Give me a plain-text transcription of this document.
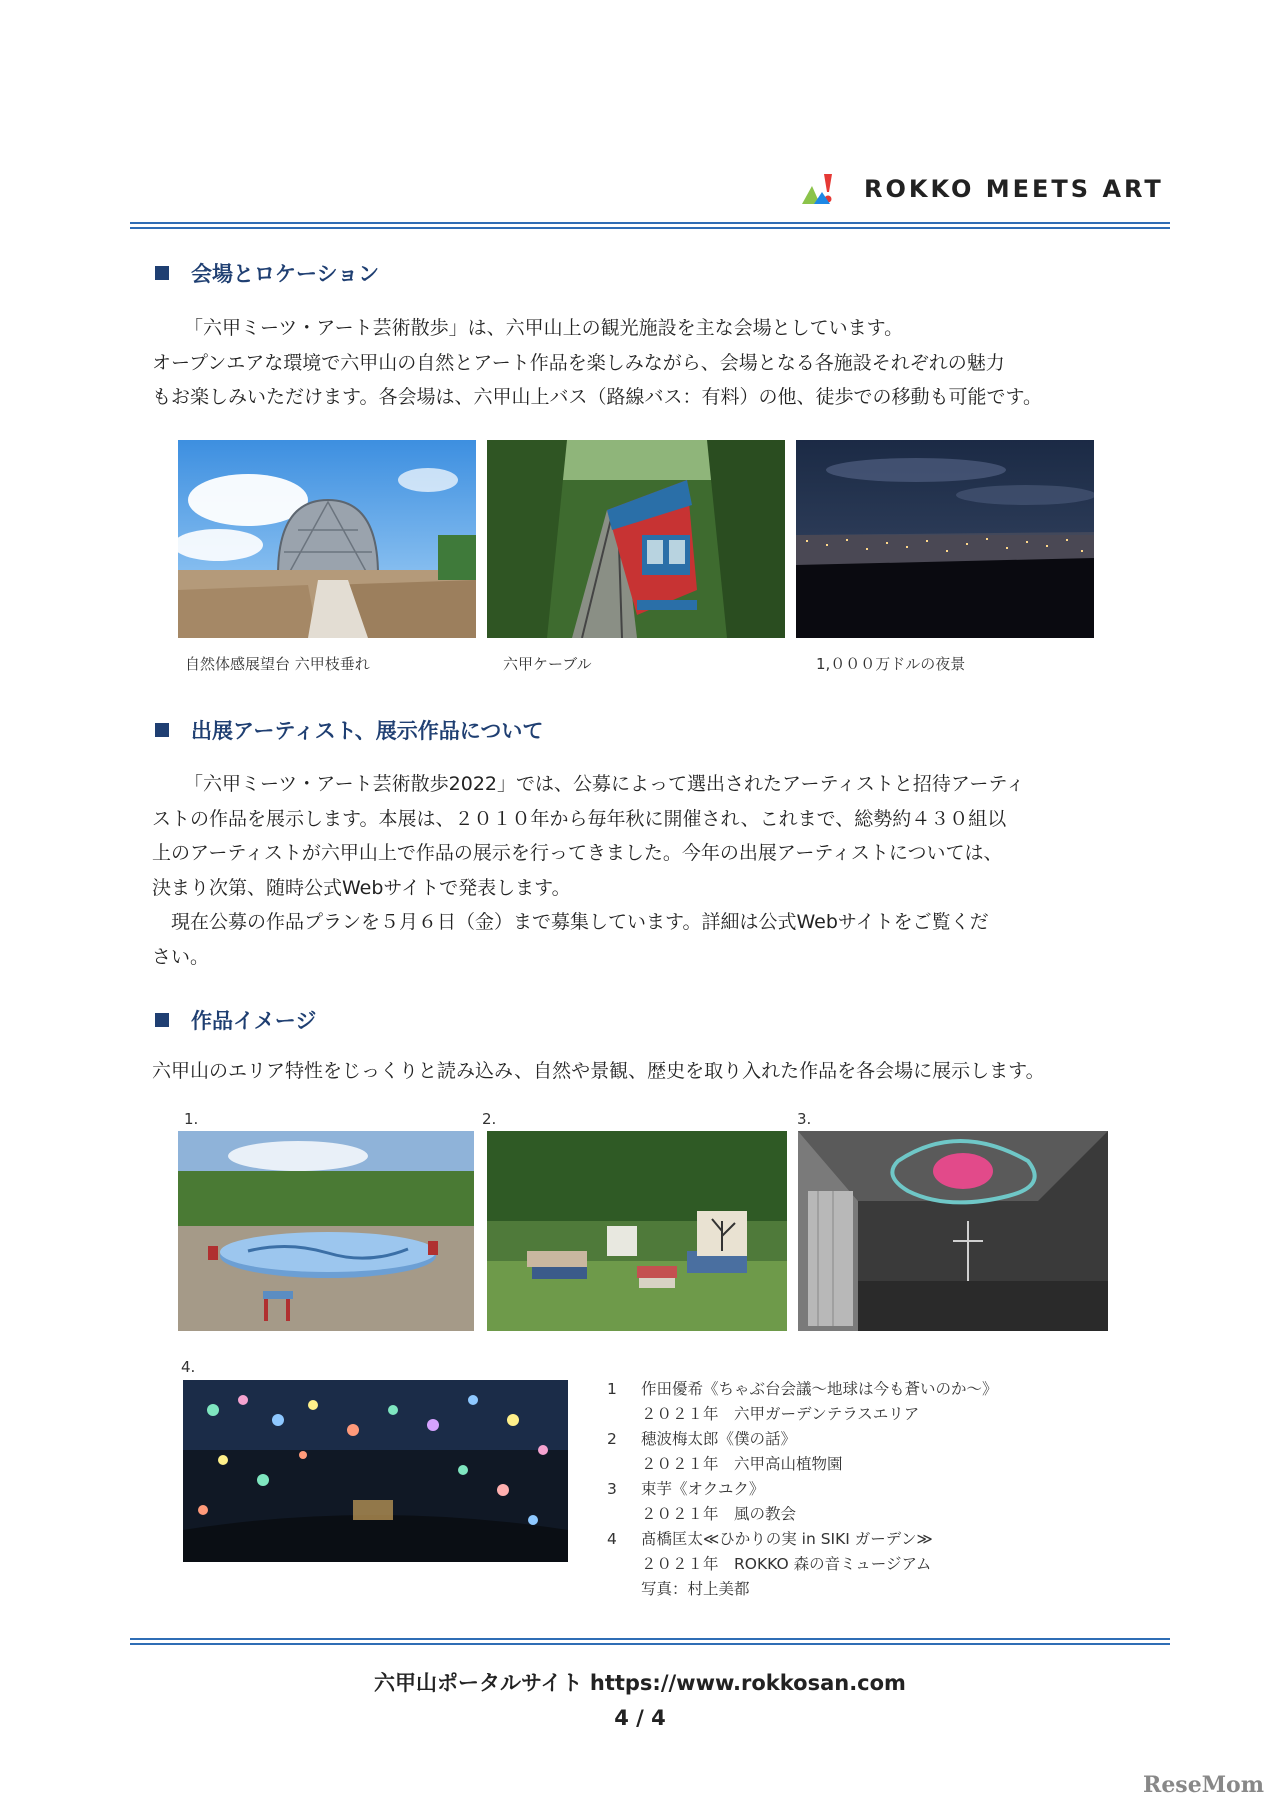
ROKKO MEETS ART
会場とロケーション

「六甲ミーツ・アート芸術散歩」は、六甲山上の観光施設を主な会場としています。

オープンエアな環境で六甲山の自然とアート作品を楽しみながら、会場となる各施設それぞれの魅力

もお楽しみいただけます。各会場は、六甲山上バス（路線バス：有料）の他、徒歩での移動も可能です。

自然体感展望台 六甲枝垂れ	六甲ケーブル	1,０００万ドルの夜景
出展アーティスト、展示作品について

「六甲ミーツ・アート芸術散歩2022」では、公募によって選出されたアーティストと招待アーティ

ストの作品を展示します。本展は、２０１０年から毎年秋に開催され、これまで、総勢約４３０組以

上のアーティストが六甲山上で作品の展示を行ってきました。今年の出展アーティストについては、

決まり次第、随時公式Webサイトで発表します。

　現在公募の作品プランを５月６日（金）まで募集しています。詳細は公式Webサイトをご覧くだ

さい。

作品イメージ
六甲山のエリア特性をじっくりと読み込み、自然や景観、歴史を取り入れた作品を各会場に展示します。
1.	2.	3.
4.
1 作田優希《ちゃぶ台会議〜地球は今も蒼いのか〜》
２０２１年　六甲ガーデンテラスエリア
2 穂波梅太郎《僕の話》
２０２１年　六甲高山植物園
3 束芋《オクユク》
２０２１年　風の教会
4 髙橋匡太≪ひかりの実 in SIKI ガーデン≫
２０２１年　ROKKO 森の音ミュージアム
写真：村上美都
六甲山ポータルサイト https://www.rokkosan.com
4 / 4
ReseMom
